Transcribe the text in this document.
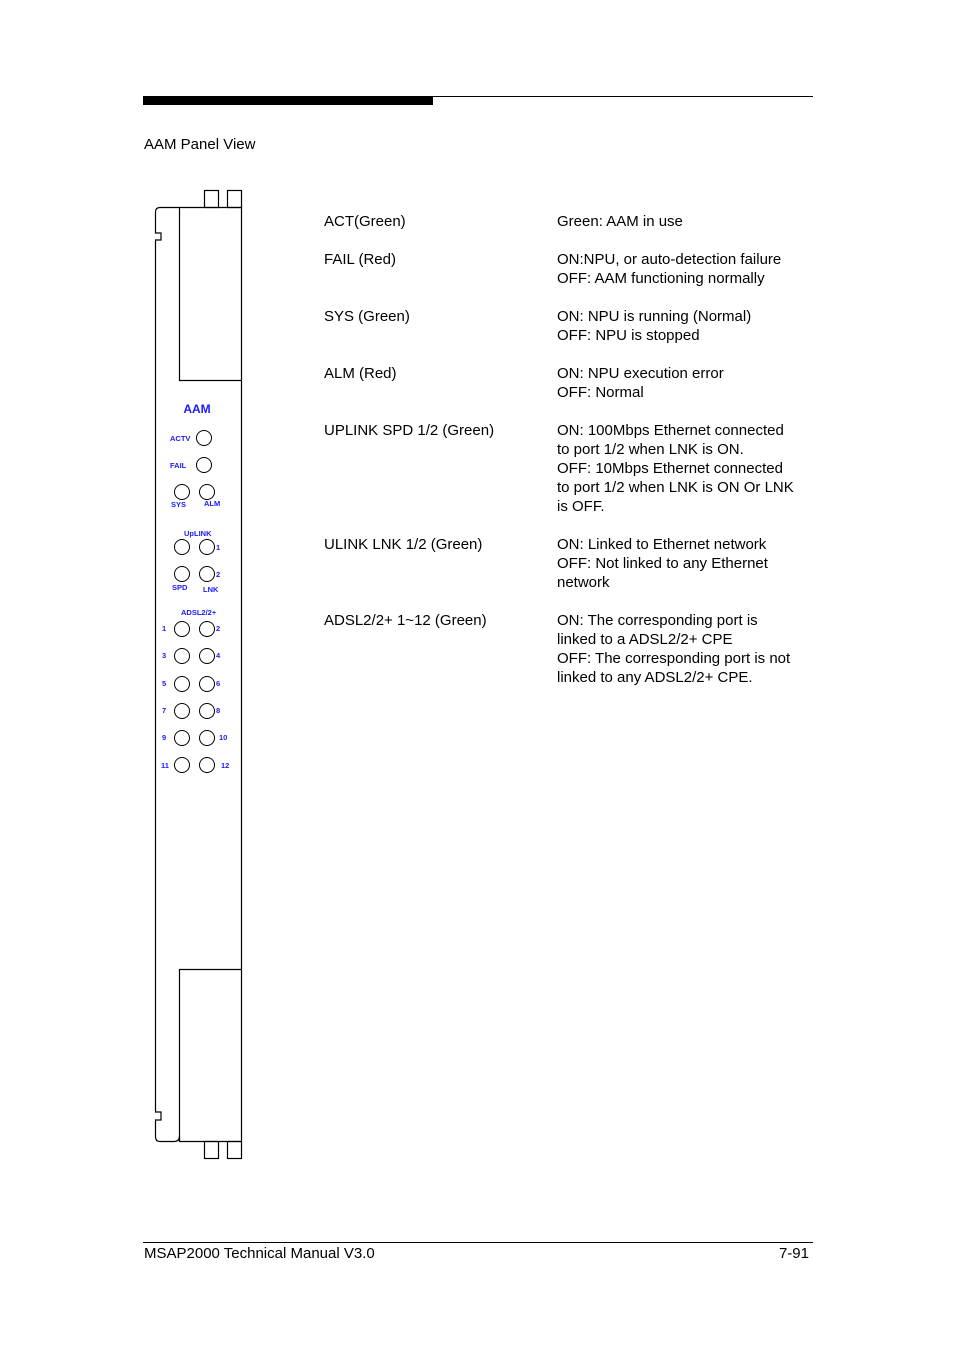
AAM Panel View
AAM
ACTV
FAIL
SYS ALM
UpLINK
1
2
SPD LNK
ADSL2/2+
1	2
3	4
5	6
7	8
9	10
11	12
ACT(Green)	Green: AAM in use
FAIL (Red)	ON:NPU, or auto-detection failure
OFF: AAM functioning normally
SYS (Green)	ON: NPU is running (Normal)
OFF: NPU is stopped
ALM (Red)	ON: NPU execution error
OFF: Normal
UPLINK SPD 1/2 (Green)	ON: 100Mbps Ethernet connected
to port 1/2 when LNK is ON.
OFF: 10Mbps Ethernet connected
to port 1/2 when LNK is ON Or LNK
is OFF.
ULINK LNK 1/2 (Green)	ON: Linked to Ethernet network
OFF: Not linked to any Ethernet
network
ADSL2/2+ 1~12 (Green)	ON: The corresponding port is
linked to a ADSL2/2+ CPE
OFF: The corresponding port is not
linked to any ADSL2/2+ CPE.
MSAP2000 Technical Manual V3.0	7-91
